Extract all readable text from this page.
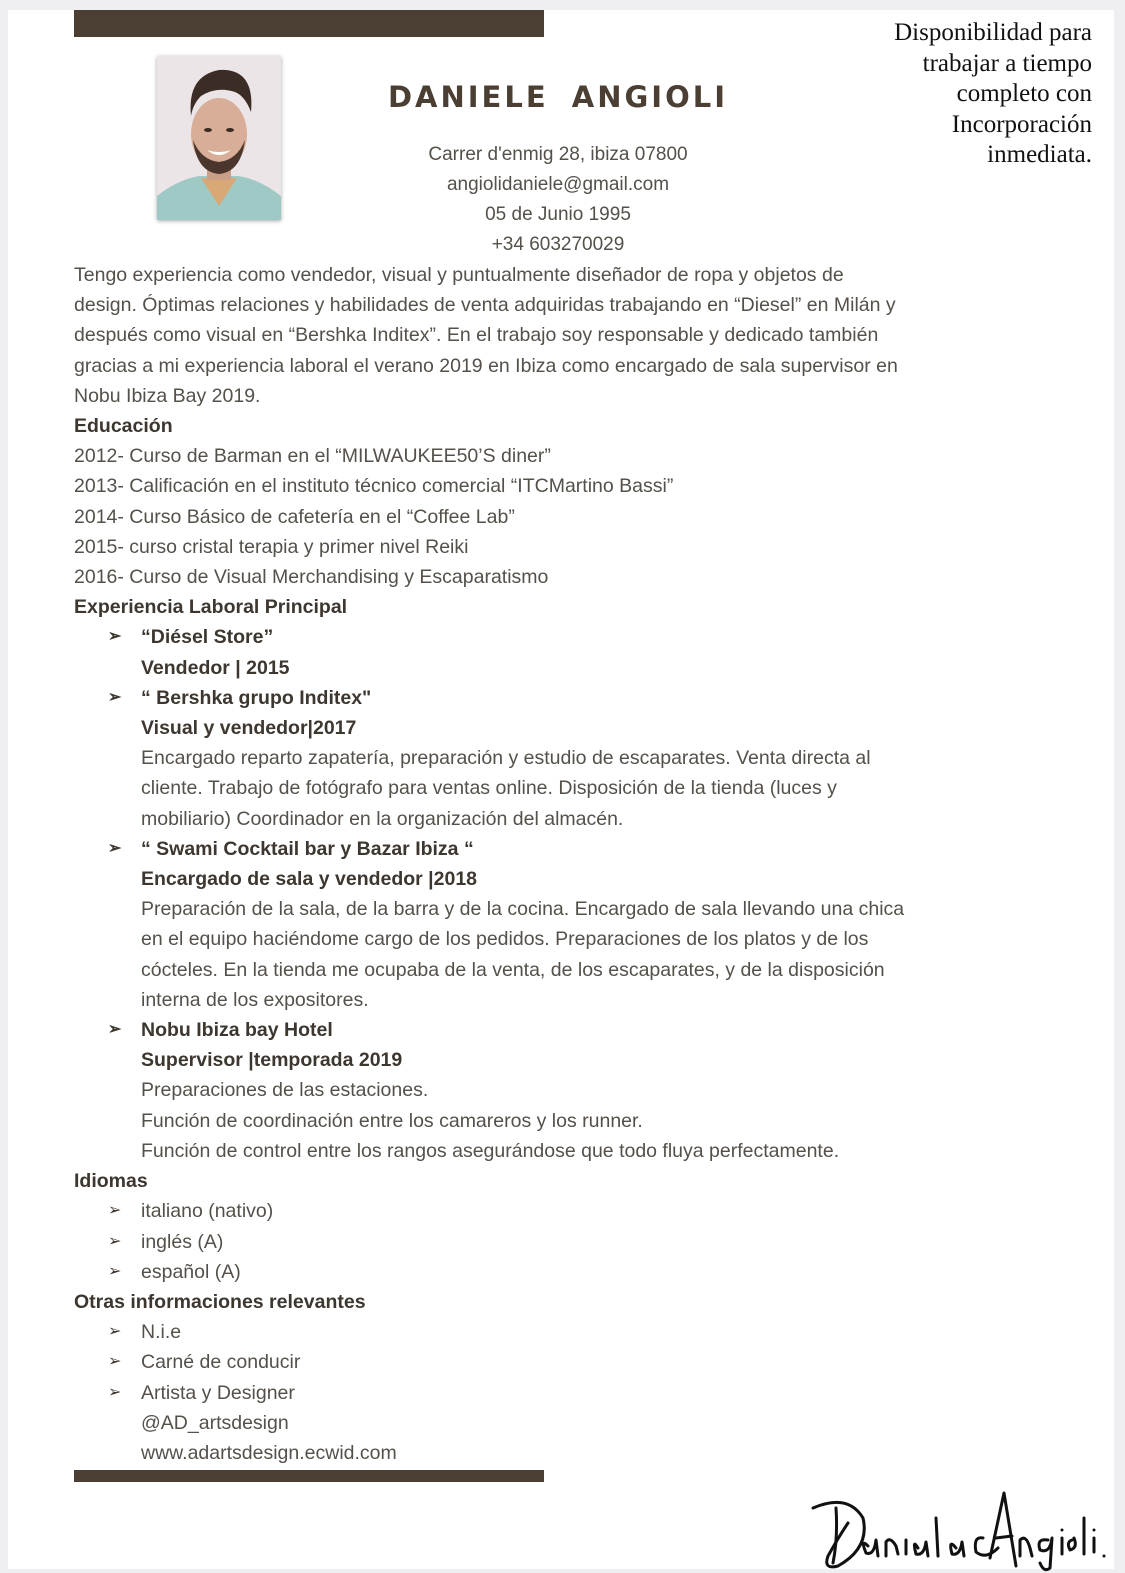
DANIELE ANGIOLI
Carrer d'enmig 28, ibiza 07800
angiolidaniele@gmail.com
05 de Junio 1995
+34 603270029
Disponibilidad para
trabajar a tiempo
completo con
Incorporación
inmediata.

Tengo experiencia como vendedor, visual y puntualmente diseñador de ropa y objetos de

design. Óptimas relaciones y habilidades de venta adquiridas trabajando en “Diesel” en Milán y

después como visual en “Bershka Inditex”. En el trabajo soy responsable y dedicado también

gracias a mi experiencia laboral el verano 2019 en Ibiza como encargado de sala supervisor en

Nobu Ibiza Bay 2019.

Educación

2012- Curso de Barman en el “MILWAUKEE50’S diner”

2013- Calificación en el instituto técnico comercial “ITCMartino Bassi”

2014- Curso Básico de cafetería en el “Coffee Lab”

2015- curso cristal terapia y primer nivel Reiki

2016- Curso de Visual Merchandising y Escaparatismo

Experiencia Laboral Principal

➢ “Diésel Store”

Vendedor | 2015

➢ “ Bershka grupo Inditex"

Visual y vendedor|2017

Encargado reparto zapatería, preparación y estudio de escaparates. Venta directa al

cliente. Trabajo de fotógrafo para ventas online. Disposición de la tienda (luces y

mobiliario) Coordinador en la organización del almacén.

➢ “ Swami Cocktail bar y Bazar Ibiza “

Encargado de sala y vendedor |2018

Preparación de la sala, de la barra y de la cocina. Encargado de sala llevando una chica

en el equipo haciéndome cargo de los pedidos. Preparaciones de los platos y de los

cócteles. En la tienda me ocupaba de la venta, de los escaparates, y de la disposición

interna de los expositores.

➢ Nobu Ibiza bay Hotel

Supervisor |temporada 2019

Preparaciones de las estaciones.

Función de coordinación entre los camareros y los runner.

Función de control entre los rangos asegurándose que todo fluya perfectamente.

Idiomas

➢ italiano (nativo)

➢ inglés (A)

➢ español (A)

Otras informaciones relevantes

➢ N.i.e

➢ Carné de conducir

➢ Artista y Designer

@AD_artsdesign

www.adartsdesign.ecwid.com
